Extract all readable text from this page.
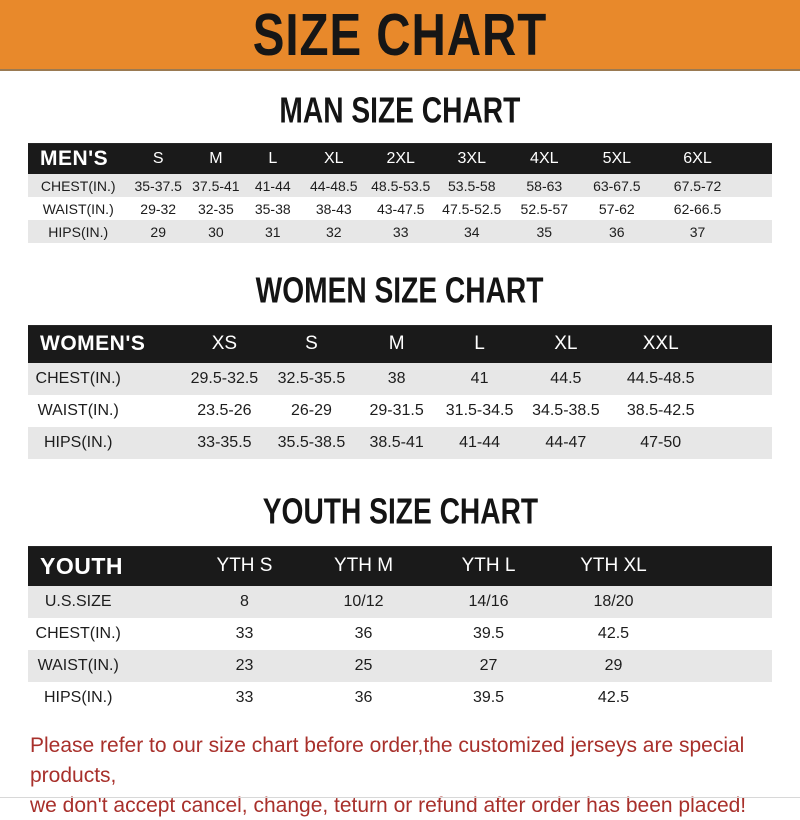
SIZE CHART
MAN SIZE CHART
MEN'S	S	M	L	XL	2XL	3XL	4XL	5XL	6XL	
CHEST(IN.)	35-37.5	37.5-41	41-44	44-48.5	48.5-53.5	53.5-58	58-63	63-67.5	67.5-72	
WAIST(IN.)	29-32	32-35	35-38	38-43	43-47.5	47.5-52.5	52.5-57	57-62	62-66.5	
HIPS(IN.)	29	30	31	32	33	34	35	36	37	
WOMEN SIZE CHART
WOMEN'S		XS	S	M	L	XL	XXL	
CHEST(IN.)		29.5-32.5	32.5-35.5	38	41	44.5	44.5-48.5	
WAIST(IN.)		23.5-26	26-29	29-31.5	31.5-34.5	34.5-38.5	38.5-42.5	
HIPS(IN.)		33-35.5	35.5-38.5	38.5-41	41-44	44-47	47-50	
YOUTH SIZE CHART
YOUTH		YTH S	YTH M	YTH L	YTH XL	
U.S.SIZE		8	10/12	14/16	18/20	
CHEST(IN.)		33	36	39.5	42.5	
WAIST(IN.)		23	25	27	29	
HIPS(IN.)		33	36	39.5	42.5	
Please refer to our size chart before order,the customized jerseys are special products,
we don't accept cancel, change, teturn or refund after order has been placed!
